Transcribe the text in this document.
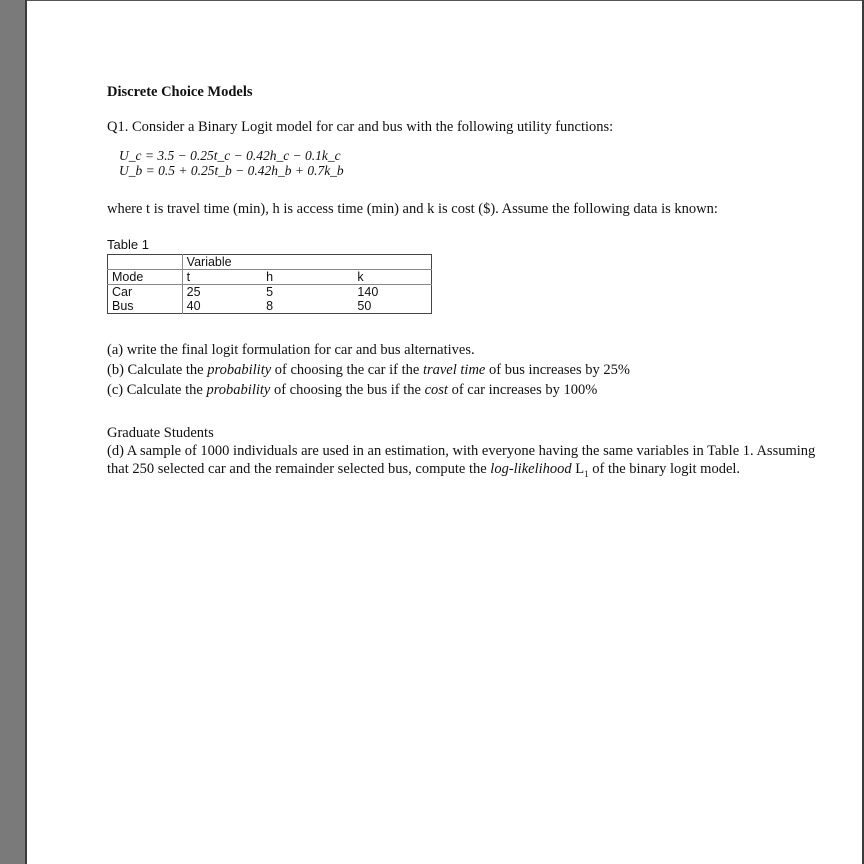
Discrete Choice Models

Q1. Consider a Binary Logit model for car and bus with the following utility functions:
U_c = 3.5 − 0.25t_c − 0.42h_c − 0.1k_c
U_b = 0.5 + 0.25t_b − 0.42h_b + 0.7k_b
where t is travel time (min), h is access time (min) and k is cost ($). Assume the following data is known:
Table 1
	Variable		
Mode	t	h	k
Car	25	5	140
Bus	40	8	50
(a) write the final logit formulation for car and bus alternatives.
(b) Calculate the probability of choosing the car if the travel time of bus increases by 25%
(c) Calculate the probability of choosing the bus if the cost of car increases by 100%
Graduate Students
(d) A sample of 1000 individuals are used in an estimation, with everyone having the same variables in Table 1. Assuming that 250 selected car and the remainder selected bus, compute the log-likelihood $L_1$ of the binary logit model.
